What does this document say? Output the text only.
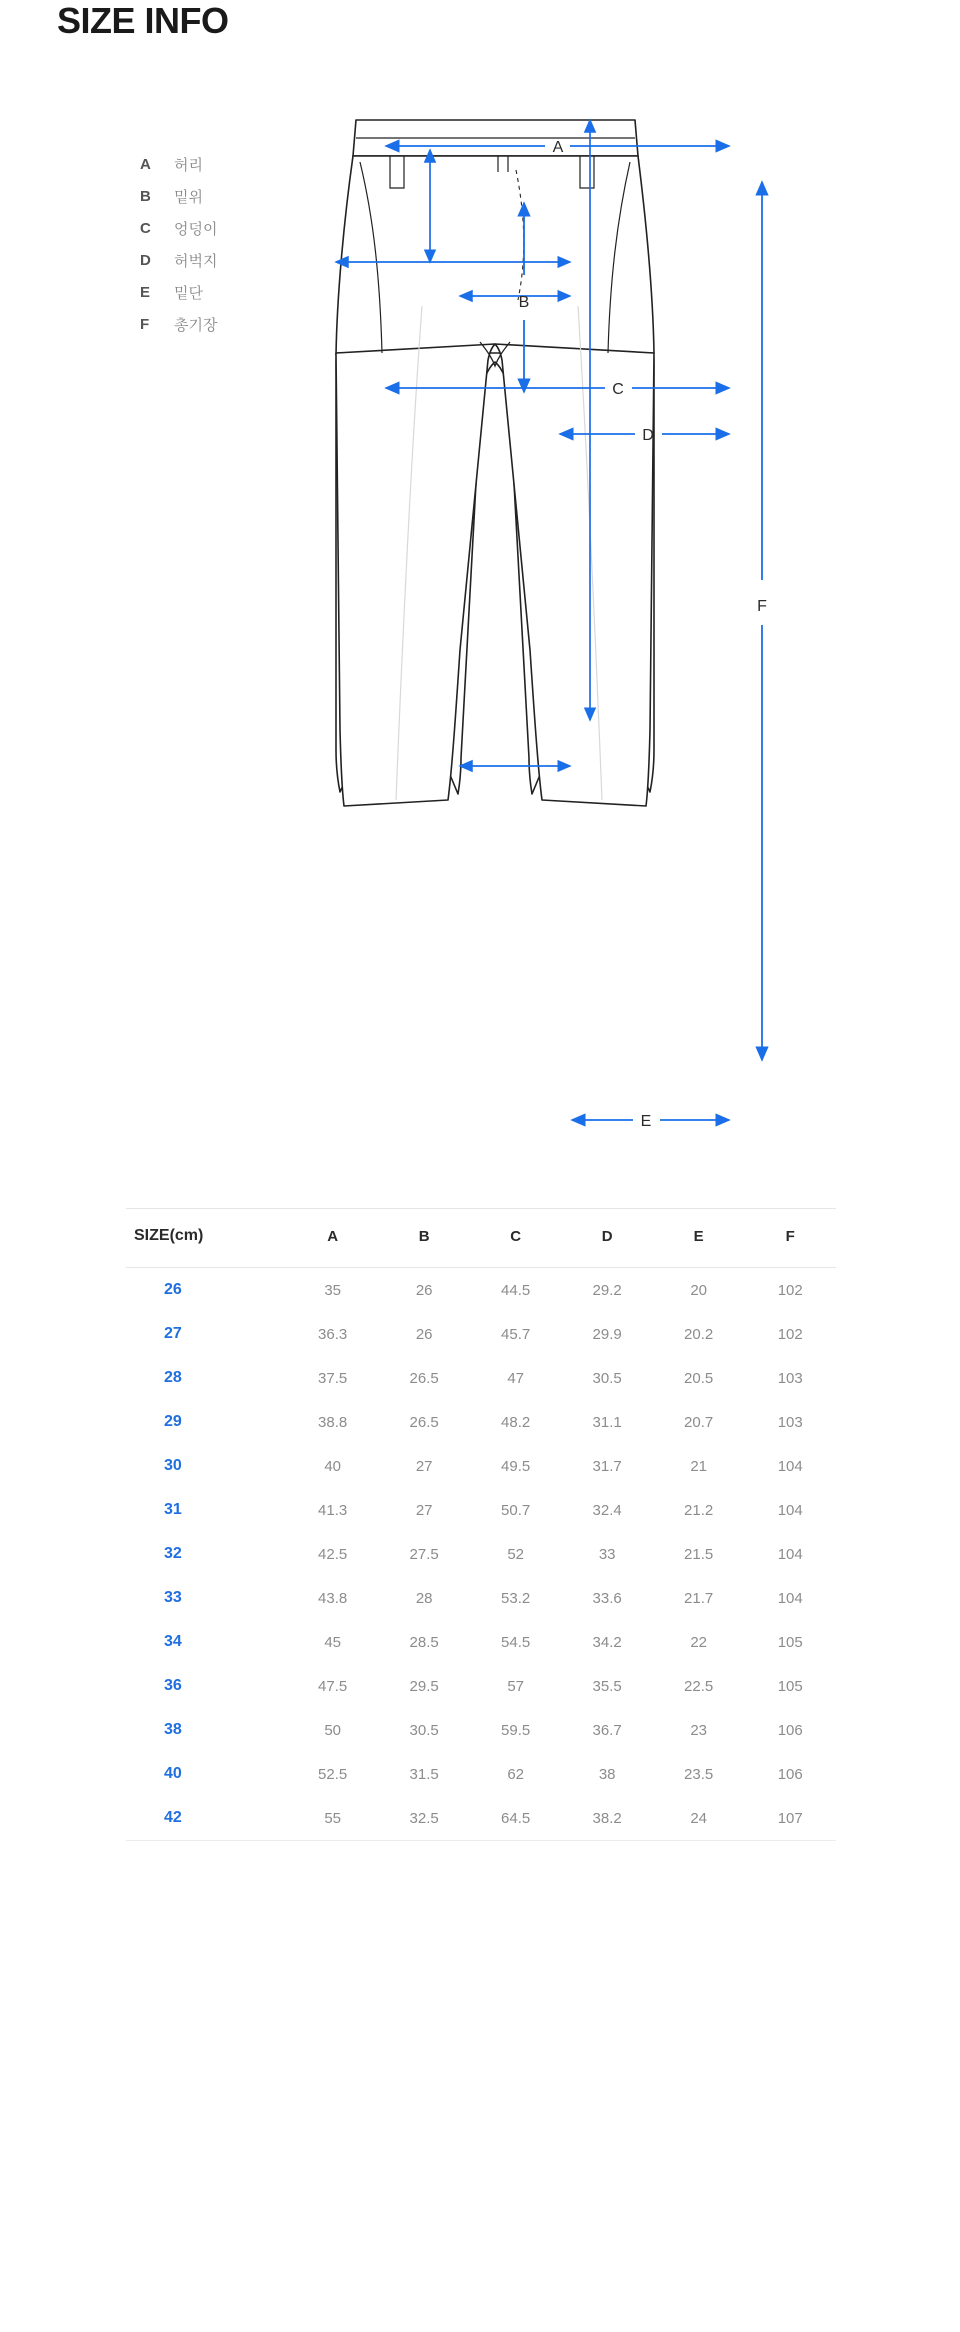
SIZE INFO
A	허리
B	밑위
C	엉덩이
D	허벅지
E	밑단
F	총기장
A
B
C
D
F
E
SIZE(cm)	A	B	C	D	E	F
26	35	26	44.5	29.2	20	102
27	36.3	26	45.7	29.9	20.2	102
28	37.5	26.5	47	30.5	20.5	103
29	38.8	26.5	48.2	31.1	20.7	103
30	40	27	49.5	31.7	21	104
31	41.3	27	50.7	32.4	21.2	104
32	42.5	27.5	52	33	21.5	104
33	43.8	28	53.2	33.6	21.7	104
34	45	28.5	54.5	34.2	22	105
36	47.5	29.5	57	35.5	22.5	105
38	50	30.5	59.5	36.7	23	106
40	52.5	31.5	62	38	23.5	106
42	55	32.5	64.5	38.2	24	107
